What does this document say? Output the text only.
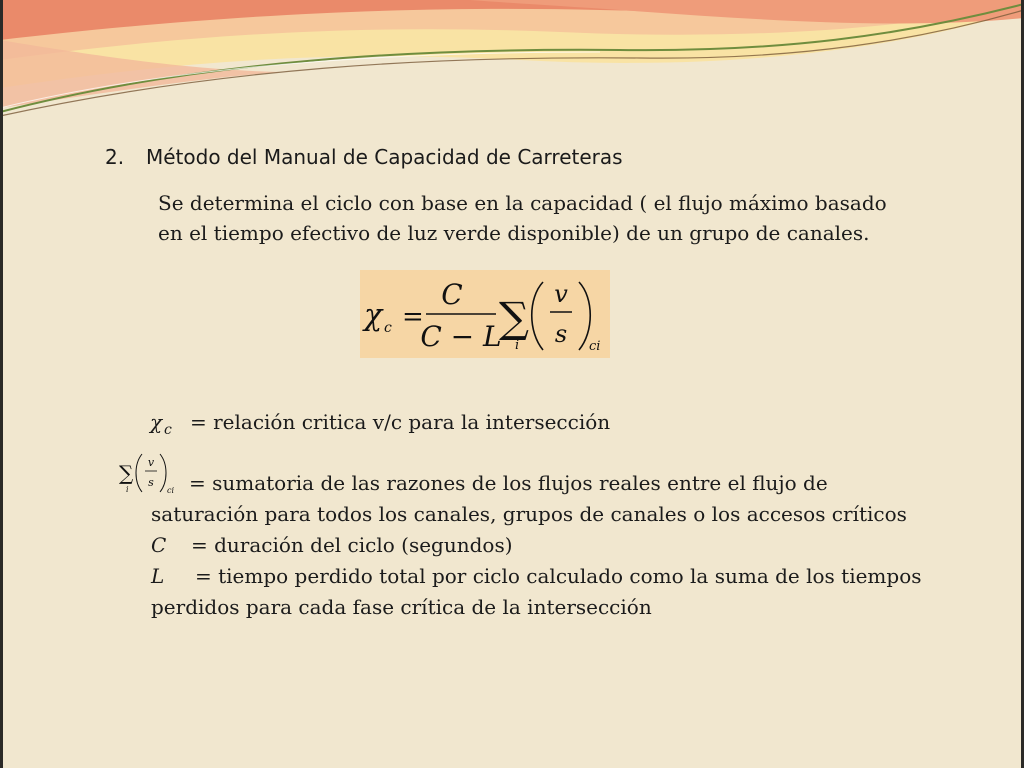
2. Método del Manual de Capacidad de Carreteras
Se determina el ciclo con base en la capacidad ( el flujo máximo basado
en el tiempo efectivo de luz verde disponible) de un grupo de canales.
χ c =
C
C − L
∑
i
v
s ci
χ c = relación critica v/c para la intersección
∑
i
v
s
ci = sumatoria de las razones de los flujos reales entre el flujo de
saturación para todos los canales, grupos de canales o los accesos críticos
C = duración del ciclo (segundos)
L = tiempo perdido total por ciclo calculado como la suma de los tiempos
perdidos para cada fase crítica de la intersección
